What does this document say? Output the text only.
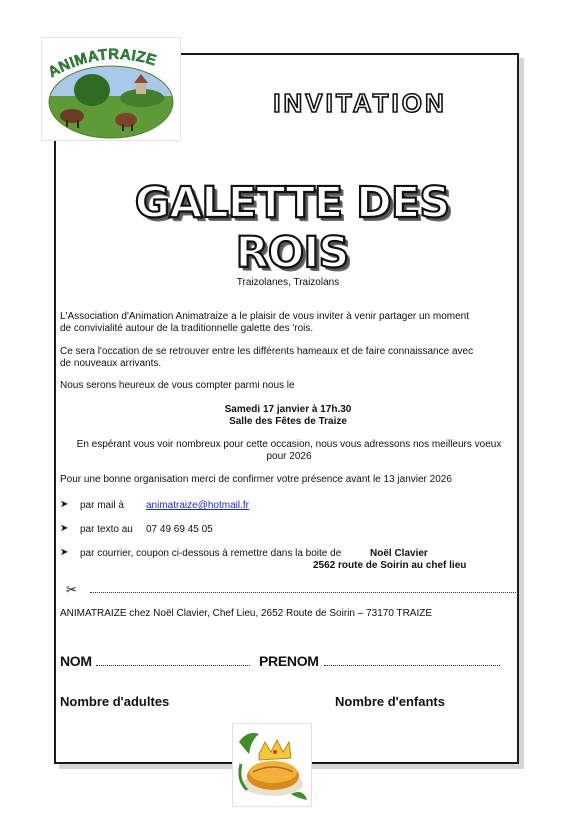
ANIMATRAIZE
INVITATION
GALETTE DES ROIS
Traizolanes, Traizolans
L'Association d'Animation Animatraize a le plaisir de vous inviter à venir partager un moment
de convivialité autour de la traditionnelle galette des 'rois.
Ce sera l'occation de se retrouver entre les différents hameaux et de faire connaissance avec
de nouveaux arrivants.
Nous serons heureux de vous compter parmi nous le
Samedi 17 janvier à 17h.30
Salle des Fêtes de Traize
En espérant vous voir nombreux pour cette occasion, nous vous adressons nos meilleurs voeux
pour 2026
Pour une bonne organisation merci de confirmer votre présence avant le 13 janvier 2026
➤ par mail à animatraize@hotmail.fr
➤ par texto au 07 49 69 45 05
➤ par courrier, coupon ci-dessous à remettre dans la boite de	Noël Clavier
2562 route de Soirin au chef lieu
✂
ANIMATRAIZE chez Noël Clavier, Chef Lieu, 2652 Route de Soirin – 73170 TRAIZE
NOM	PRENOM
Nombre d'adultes	Nombre d'enfants
